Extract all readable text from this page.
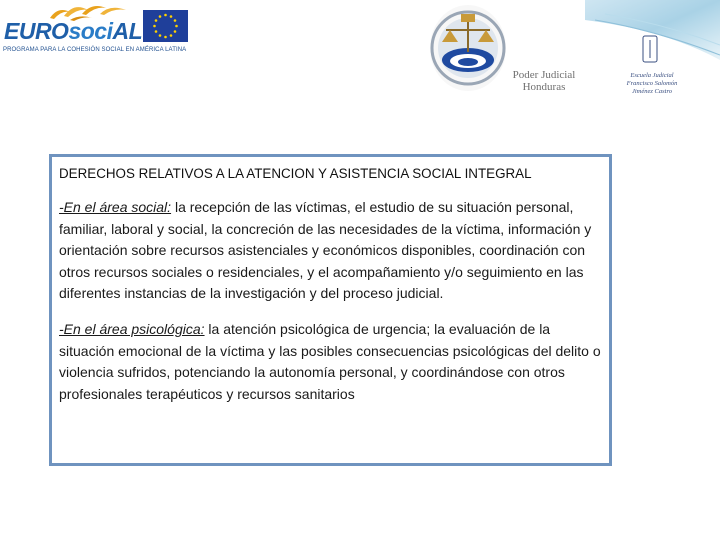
EUROsociAL
PROGRAMA PARA LA COHESIÓN SOCIAL EN AMÉRICA LATINA
Poder Judicial
Honduras
Escuela Judicial
Francisco Salomón Jiménez Castro
DERECHOS RELATIVOS A LA ATENCION Y ASISTENCIA SOCIAL INTEGRAL

-En el área social: la recepción de las víctimas, el estudio de su situación personal, familiar, laboral y social, la concreción de las necesidades de la víctima, información y orientación sobre recursos asistenciales y económicos disponibles, coordinación con otros recursos sociales o residenciales, y el acompañamiento y/o seguimiento en las diferentes instancias de la investigación y del proceso judicial.

-En el área psicológica: la atención psicológica de urgencia; la evaluación de la situación emocional de la víctima y las posibles consecuencias psicológicas del delito o violencia sufridos, potenciando la autonomía personal, y coordinándose con otros profesionales terapéuticos y recursos sanitarios
